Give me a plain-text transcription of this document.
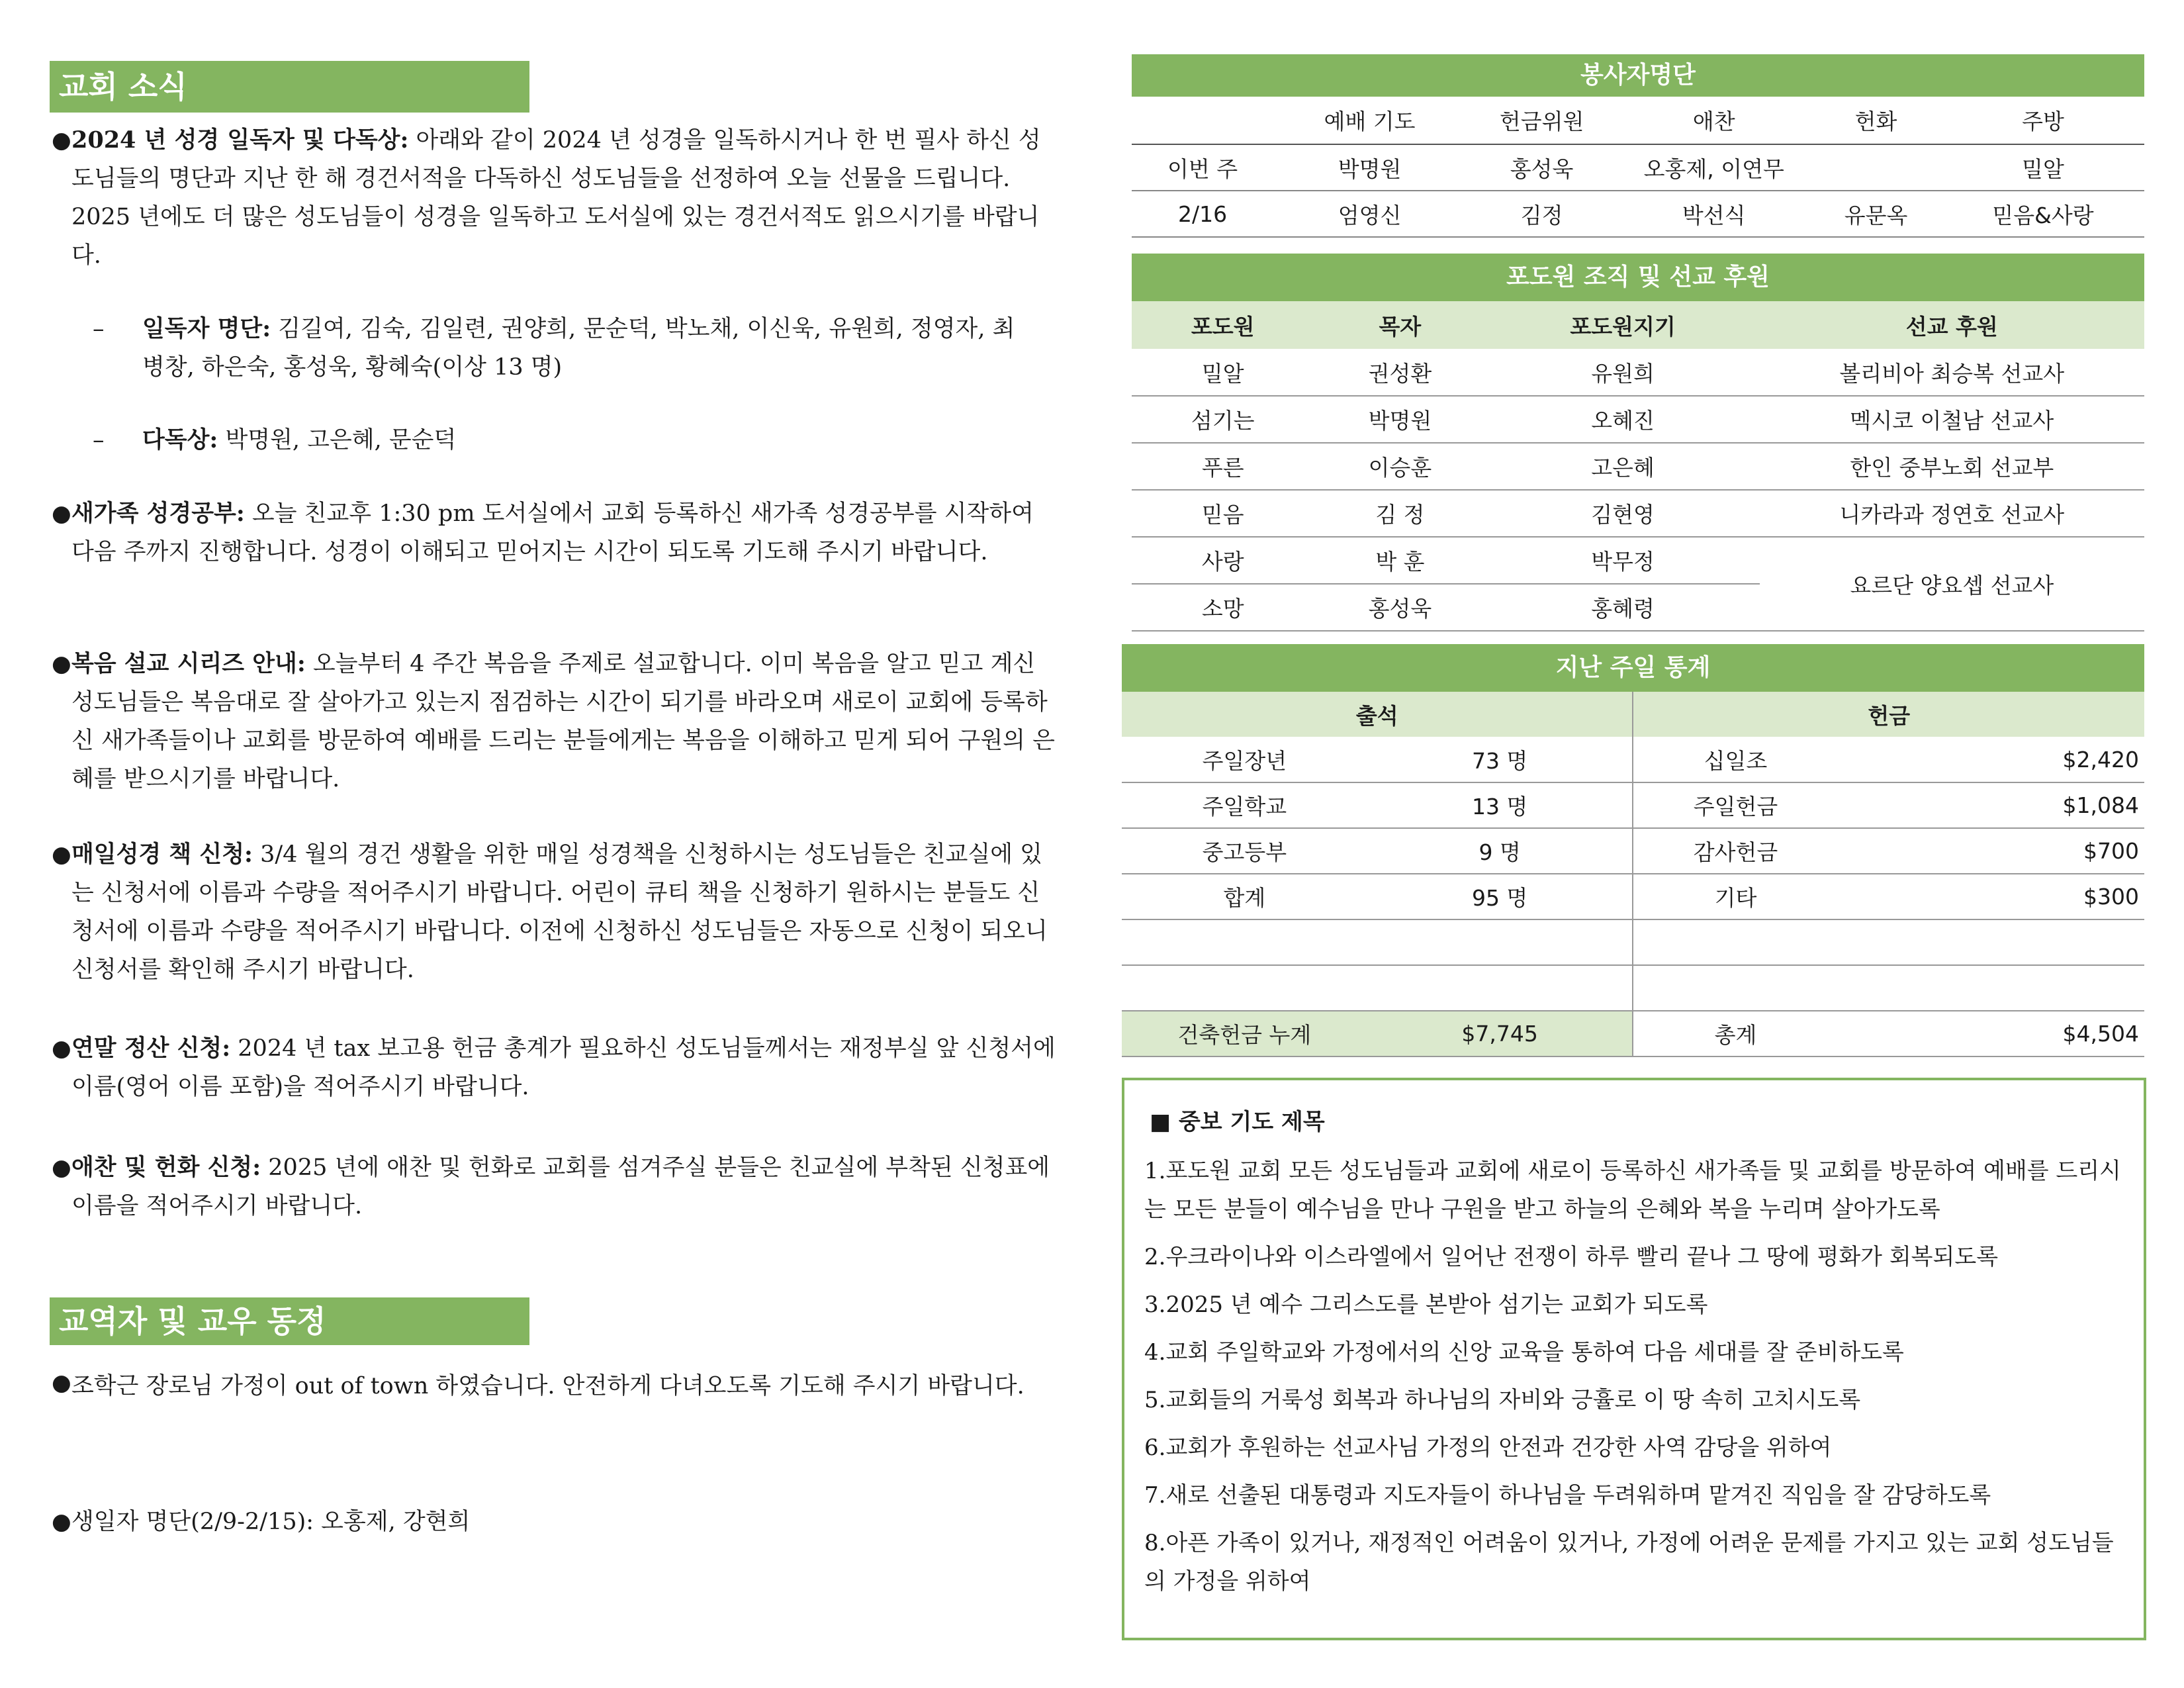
교회 소식
● 2024 년 성경 일독자 및 다독상: 아래와 같이 2024 년 성경을 일독하시거나 한 번 필사 하신 성도님들의 명단과 지난 한 해 경건서적을 다독하신 성도님들을 선정하여 오늘 선물을 드립니다. 2025 년에도 더 많은 성도님들이 성경을 일독하고 도서실에 있는 경건서적도 읽으시기를 바랍니다.
–	일독자 명단: 김길여, 김숙, 김일련, 권양희, 문순덕, 박노채, 이신욱, 유원희, 정영자, 최병창, 하은숙, 홍성욱, 황혜숙(이상 13 명)
–	다독상: 박명원, 고은혜, 문순덕
● 새가족 성경공부: 오늘 친교후 1:30 pm 도서실에서 교회 등록하신 새가족 성경공부를 시작하여 다음 주까지 진행합니다. 성경이 이해되고 믿어지는 시간이 되도록 기도해 주시기 바랍니다.
● 복음 설교 시리즈 안내: 오늘부터 4 주간 복음을 주제로 설교합니다. 이미 복음을 알고 믿고 계신 성도님들은 복음대로 잘 살아가고 있는지 점검하는 시간이 되기를 바라오며 새로이 교회에 등록하신 새가족들이나 교회를 방문하여 예배를 드리는 분들에게는 복음을 이해하고 믿게 되어 구원의 은혜를 받으시기를 바랍니다.
● 매일성경 책 신청: 3/4 월의 경건 생활을 위한 매일 성경책을 신청하시는 성도님들은 친교실에 있는 신청서에 이름과 수량을 적어주시기 바랍니다. 어린이 큐티 책을 신청하기 원하시는 분들도 신청서에 이름과 수량을 적어주시기 바랍니다. 이전에 신청하신 성도님들은 자동으로 신청이 되오니 신청서를 확인해 주시기 바랍니다.
● 연말 정산 신청: 2024 년 tax 보고용 헌금 총계가 필요하신 성도님들께서는 재정부실 앞 신청서에 이름(영어 이름 포함)을 적어주시기 바랍니다.
● 애찬 및 헌화 신청: 2025 년에 애찬 및 헌화로 교회를 섬겨주실 분들은 친교실에 부착된 신청표에 이름을 적어주시기 바랍니다.
교역자 및 교우 동정
● 조학근 장로님 가정이 out of town 하였습니다. 안전하게 다녀오도록 기도해 주시기 바랍니다.
● 생일자 명단(2/9-2/15): 오홍제, 강현희
봉사자명단
	예배 기도	헌금위원	애찬	헌화	주방
이번 주	박명원	홍성욱	오홍제, 이연무		밀알
2/16	엄영신	김정	박선식	유문옥	믿음&사랑
포도원 조직 및 선교 후원
포도원	목자	포도원지기	선교 후원
밀알	권성환	유원희	볼리비아 최승복 선교사
섬기는	박명원	오혜진	멕시코 이철남 선교사
푸른	이승훈	고은혜	한인 중부노회 선교부
믿음	김 정	김현영	니카라과 정연호 선교사
사랑	박 훈	박무정	요르단 양요셉 선교사
소망	홍성욱	홍혜령	
지난 주일 통계
출석		헌금	
주일장년	73 명	십일조	$2,420
주일학교	13 명	주일헌금	$1,084
중고등부	9 명	감사헌금	$700
합계	95 명	기타	$300

건축헌금 누계	$7,745	총계	$4,504
■ 중보 기도 제목
1.포도원 교회 모든 성도님들과 교회에 새로이 등록하신 새가족들 및 교회를 방문하여 예배를 드리시는 모든 분들이 예수님을 만나 구원을 받고 하늘의 은혜와 복을 누리며 살아가도록
2.우크라이나와 이스라엘에서 일어난 전쟁이 하루 빨리 끝나 그 땅에 평화가 회복되도록
3.2025 년 예수 그리스도를 본받아 섬기는 교회가 되도록
4.교회 주일학교와 가정에서의 신앙 교육을 통하여 다음 세대를 잘 준비하도록
5.교회들의 거룩성 회복과 하나님의 자비와 긍휼로 이 땅 속히 고치시도록
6.교회가 후원하는 선교사님 가정의 안전과 건강한 사역 감당을 위하여
7.새로 선출된 대통령과 지도자들이 하나님을 두려워하며 맡겨진 직임을 잘 감당하도록
8.아픈 가족이 있거나, 재정적인 어려움이 있거나, 가정에 어려운 문제를 가지고 있는 교회 성도님들의 가정을 위하여
